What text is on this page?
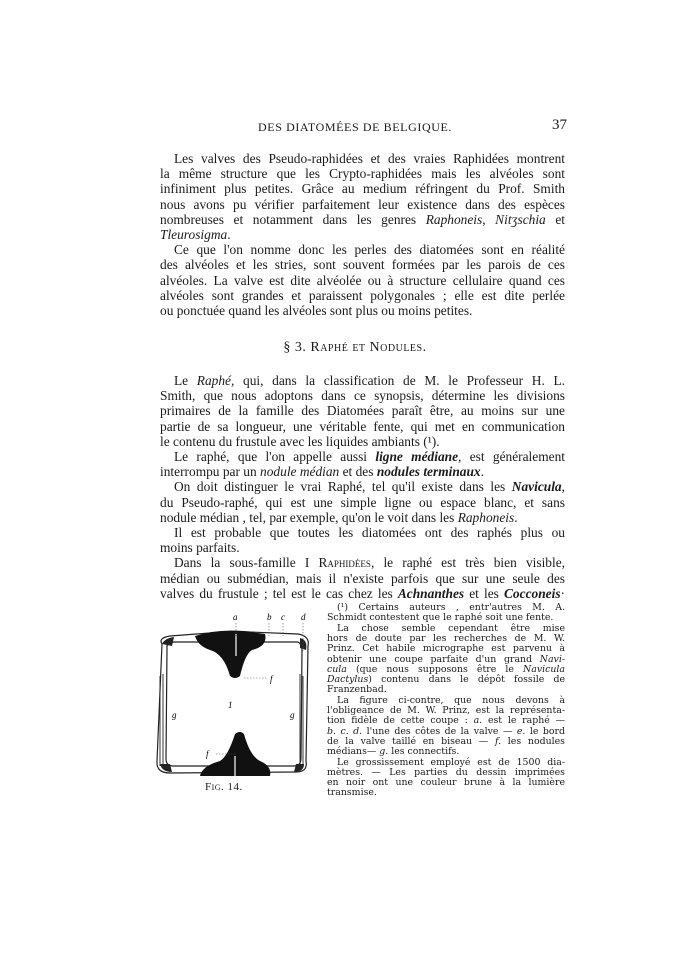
DES DIATOMÉES DE BELGIQUE.	37
Les valves des Pseudo-raphidées et des vraies Raphidées montrent
la même structure que les Crypto-raphidées mais les alvéoles sont
infiniment plus petites. Grâce au medium réfringent du Prof. Smith
nous avons pu vérifier parfaitement leur existence dans des espèces
nombreuses et notamment dans les genres Raphoneis, Nitʒschia et
Tleurosigma.
Ce que l'on nomme donc les perles des diatomées sont en réalité
des alvéoles et les stries, sont souvent formées par les parois de ces
alvéoles. La valve est dite alvéolée ou à structure cellulaire quand ces
alvéoles sont grandes et paraissent polygonales ; elle est dite perlée
ou ponctuée quand les alvéoles sont plus ou moins petites.
Le Raphé, qui, dans la classification de M. le Professeur H. L.
Smith, que nous adoptons dans ce synopsis, détermine les divisions
primaires de la famille des Diatomées paraît être, au moins sur une
partie de sa longueur, une véritable fente, qui met en communication
le contenu du frustule avec les liquides ambiants (¹).
Le raphé, que l'on appelle aussi ligne médiane, est généralement
interrompu par un nodule médian et des nodules terminaux.
On doit distinguer le vrai Raphé, tel qu'il existe dans les Navicula,
du Pseudo-raphé, qui est une simple ligne ou espace blanc, et sans
nodule médian , tel, par exemple, qu'on le voit dans les Raphoneis.
Il est probable que toutes les diatomées ont des raphés plus ou
moins parfaits.
Dans la sous-famille I Raphidées, le raphé est très bien visible,
médian ou submédian, mais il n'existe parfois que sur une seule des
valves du frustule ; tel est le cas chez les Achnanthes et les Cocconeis·
§ 3. Raphé et Nodules.
(¹) Certains auteurs , entr'autres M. A.
Schmidt contestent que le raphé soit une fente.
La chose semble cependant être mise
hors de doute par les recherches de M. W.
Prinz. Cet habile micrographe est parvenu à
obtenir une coupe parfaite d'un grand Navi-
cula (que nous supposons être le Navicula
Dactylus) contenu dans le dépôt fossile de
Franzenbad.
La figure ci-contre, que nous devons à
l'obligeance de M. W. Prinz, est la représenta-
tion fidèle de cette coupe : a. est le raphé —
b. c. d. l'une des côtes de la valve — e. le bord
de la valve taillé en biseau — f. les nodules
médians— g. les connectifs.
Le grossissement employé est de 1500 dia-
mètres. — Les parties du dessin imprimées
en noir ont une couleur brune à la lumière
transmise.
a	b c d
f
f
g	g
1
Fig. 14.
